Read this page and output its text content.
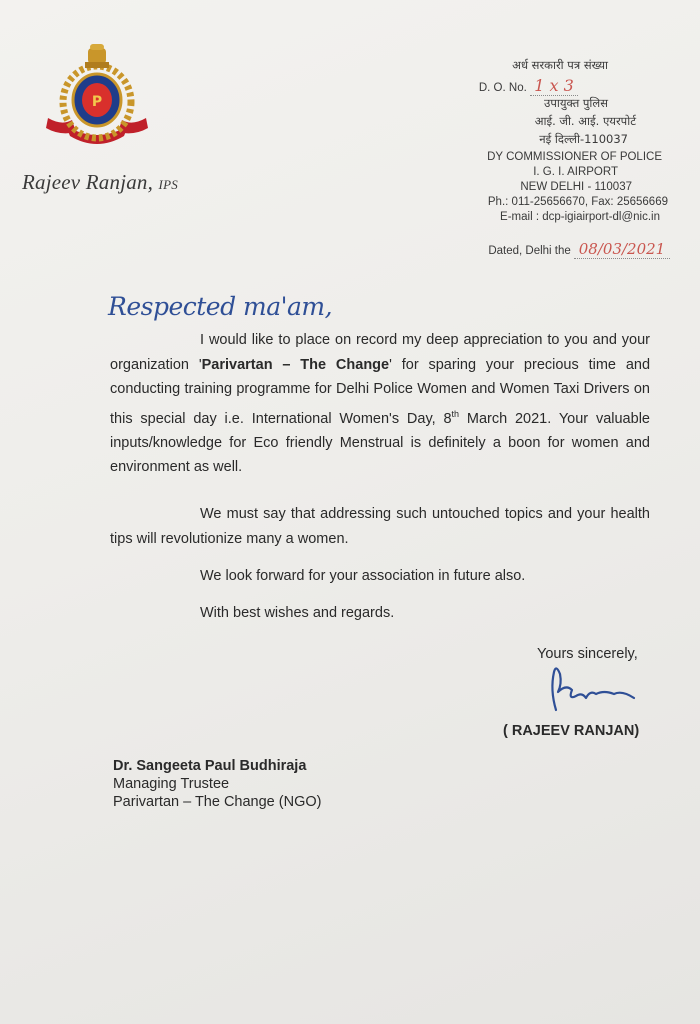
P
Rajeev Ranjan, IPS
अर्ध सरकारी पत्र संख्या
D. O. No. 1 x 3
उपायुक्त पुलिस
आई. जी. आई. एयरपोर्ट
नई दिल्ली-110037
DY COMMISSIONER OF POLICE
I. G. I. AIRPORT
NEW DELHI - 110037
Ph.: 011-25656670, Fax: 25656669
E-mail : dcp-igiairport-dl@nic.in
Dated, Delhi the 08/03/2021
Respected ma'am,
I would like to place on record my deep appreciation to you and your organization 'Parivartan – The Change' for sparing your precious time and conducting training programme for Delhi Police Women and Women Taxi Drivers on this special day i.e. International Women's Day, 8th March 2021. Your valuable inputs/knowledge for Eco friendly Menstrual is definitely a boon for women and environment as well.
We must say that addressing such untouched topics and your health tips will revolutionize many a women.
We look forward for your association in future also.
With best wishes and regards.
Yours sincerely,
( RAJEEV RANJAN)
Dr. Sangeeta Paul Budhiraja
Managing Trustee
Parivartan – The Change (NGO)
